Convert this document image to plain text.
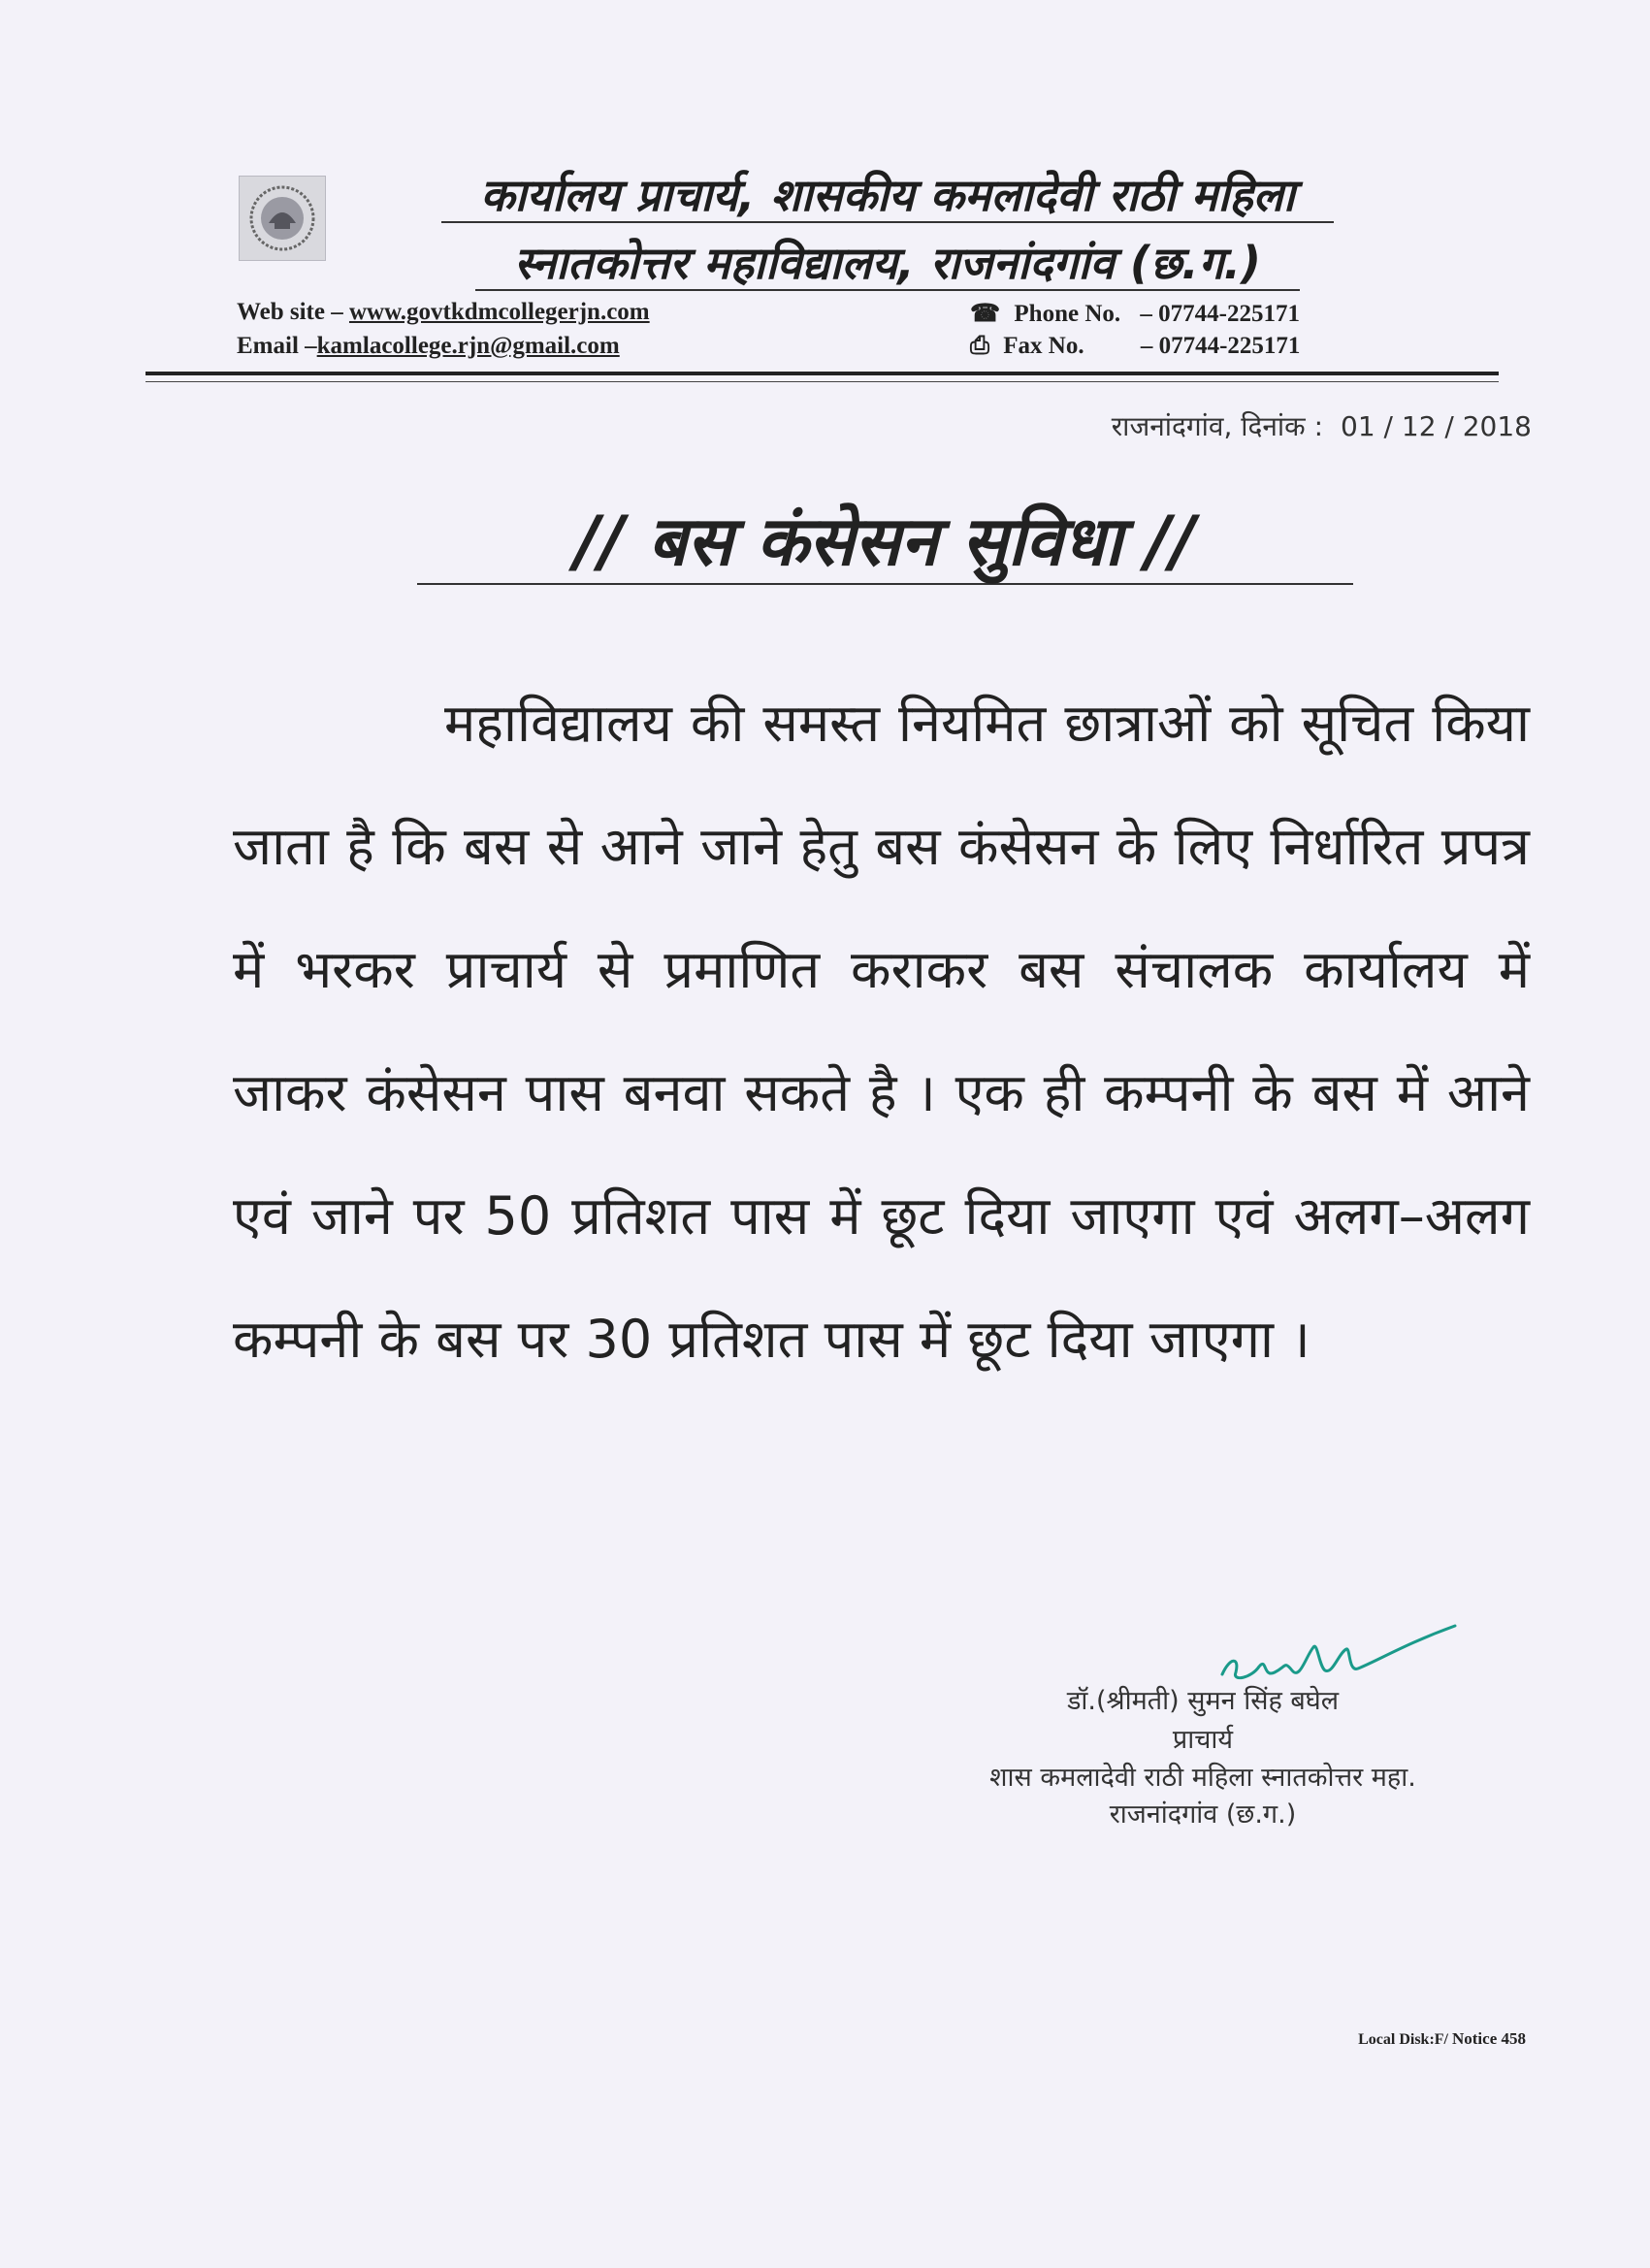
कार्यालय प्राचार्य, शासकीय कमलादेवी राठी महिला
स्नातकोत्तर महाविद्यालय, राजनांदगांव (छ.ग.)
Web site – www.govtkdmcollegerjn.com
Email –kamlacollege.rjn@gmail.com
☎ Phone No. – 07744-225171
⎙ Fax No. – 07744-225171
राजनांदगांव, दिनांक : 01 / 12 / 2018
// बस कंसेसन सुविधा //
महाविद्यालय की समस्त नियमित छात्राओं को सूचित किया जाता है कि बस से आने जाने हेतु बस कंसेसन के लिए निर्धारित प्रपत्र में भरकर प्राचार्य से प्रमाणित कराकर बस संचालक कार्यालय में जाकर कंसेसन पास बनवा सकते है । एक ही कम्पनी के बस में आने एवं जाने पर 50 प्रतिशत पास में छूट दिया जाएगा एवं अलग–अलग कम्पनी के बस पर 30 प्रतिशत पास में छूट दिया जाएगा ।
डॉ.(श्रीमती) सुमन सिंह बघेल
प्राचार्य
शास कमलादेवी राठी महिला स्नातकोत्तर महा.
राजनांदगांव (छ.ग.)
Local Disk:F/ Notice 458
